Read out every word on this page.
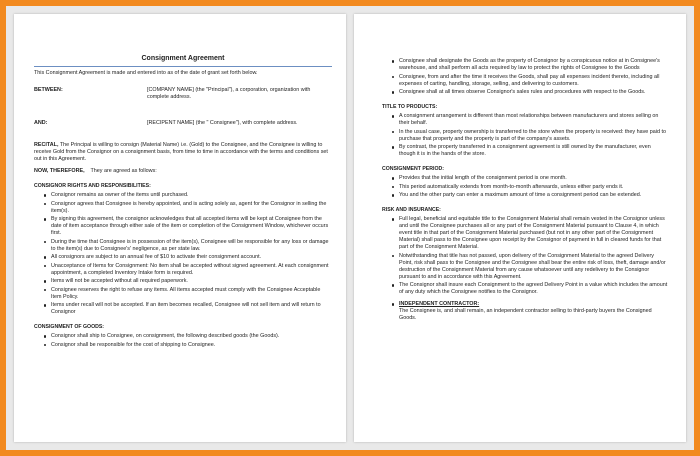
Consignment Agreement

This Consignment Agreement is made and entered into as of the date of grant set forth below.

BETWEEN:	[COMPANY NAME] (the "Principal"), a corporation, organization with complete address.
AND:	[RECIPENT NAME] (the " Consignee"), with complete address.

RECITAL, The Principal is willing to consign (Material Name) i.e. (Gold) to the Consignee, and the Consignee is willing to receive Gold from the Consignor on a consignment basis, from time to time in accordance with the terms and conditions set out in this Agreement.

NOW, THEREFORE,    They are agreed as follows:

CONSIGNOR RIGHTS AND RESPONSIBILITIES:
Consignor remains as owner of the items until purchased.
Consignor agrees that Consignee is hereby appointed, and is acting solely as, agent for the Consignor in selling the item(s).
By signing this agreement, the consignor acknowledges that all accepted items will be kept at Consignee from the date of item acceptance through either sale of the item or completion of the Consignment Window, whichever occurs first.
During the time that Consignee is in possession of the item(s), Consignee will be responsible for any loss or damage to the item(s) due to Consignee's' negligence, as per state law.
All consignors are subject to an annual fee of $10 to activate their consignment account.
Unacceptance of Items for Consignment: No item shall be accepted without signed agreement. At each consignment appointment, a completed Inventory Intake form is required.
Items will not be accepted without all required paperwork.
Consignee reserves the right to refuse any items. All items accepted must comply with the Consignee Acceptable Item Policy.
Items under recall will not be accepted. If an item becomes recalled, Consignee will not sell item and will return to Consignor
CONSIGNMENT OF GOODS:
Consignor shall ship to Consignee, on consignment, the following described goods (the Goods).
Consignor shall be responsible for the cost of shipping to Consignee.
Consignee shall designate the Goods as the property of Consignor by a conspicuous notice at in Consignee's warehouse, and shall perform all acts required by law to protect the rights of Consignee to the Goods
Consignee, from and after the time it receives the Goods, shall pay all expenses incident thereto, including all expenses of carting, handling, storage, selling, and delivering to customers.
Consignee shall at all times observe Consignor's sales rules and procedures with respect to the Goods.
TITLE TO PRODUCTS:
A consignment arrangement is different than most relationships between manufacturers and stores selling on their behalf.
In the usual case, property ownership is transferred to the store when the property is received: they have paid to purchase that property and the property is part of the company's assets.
By contrast, the property transferred in a consignment agreement is still owned by the manufacturer, even though it is in the hands of the store.
CONSIGNMENT PERIOD:
Provides that the initial length of the consignment period is one month.
This period automatically extends from month-to-month afterwards, unless either party ends it.
You and the other party can enter a maximum amount of time a consignment period can be extended.
RISK AND INSURANCE:
Full legal, beneficial and equitable title to the Consignment Material shall remain vested in the Consignor unless and until the Consignee purchases all or any part of the Consignment Material pursuant to Clause 4, in which event title in that part of the Consignment Material purchased (but not in any other part of the Consignment Material) shall pass to the Consignee upon receipt by the Consignor of payment in full in cleared funds for that part of the Consignment Material.
Notwithstanding that title has not passed, upon delivery of the Consignment Material to the agreed Delivery Point, risk shall pass to the Consignee and the Consignee shall bear the entire risk of loss, theft, damage and/or destruction of the Consignment Material from any cause whatsoever until any redelivery to the Consignor pursuant to and in accordance with this Agreement.
The Consignor shall insure each Consignment to the agreed Delivery Point in a value which includes the amount of any duty which the Consignee notifies to the Consignor.
INDEPENDENT CONTRACTOR:
The Consignee is, and shall remain, an independent contractor selling to third-party buyers the Consigned Goods.
